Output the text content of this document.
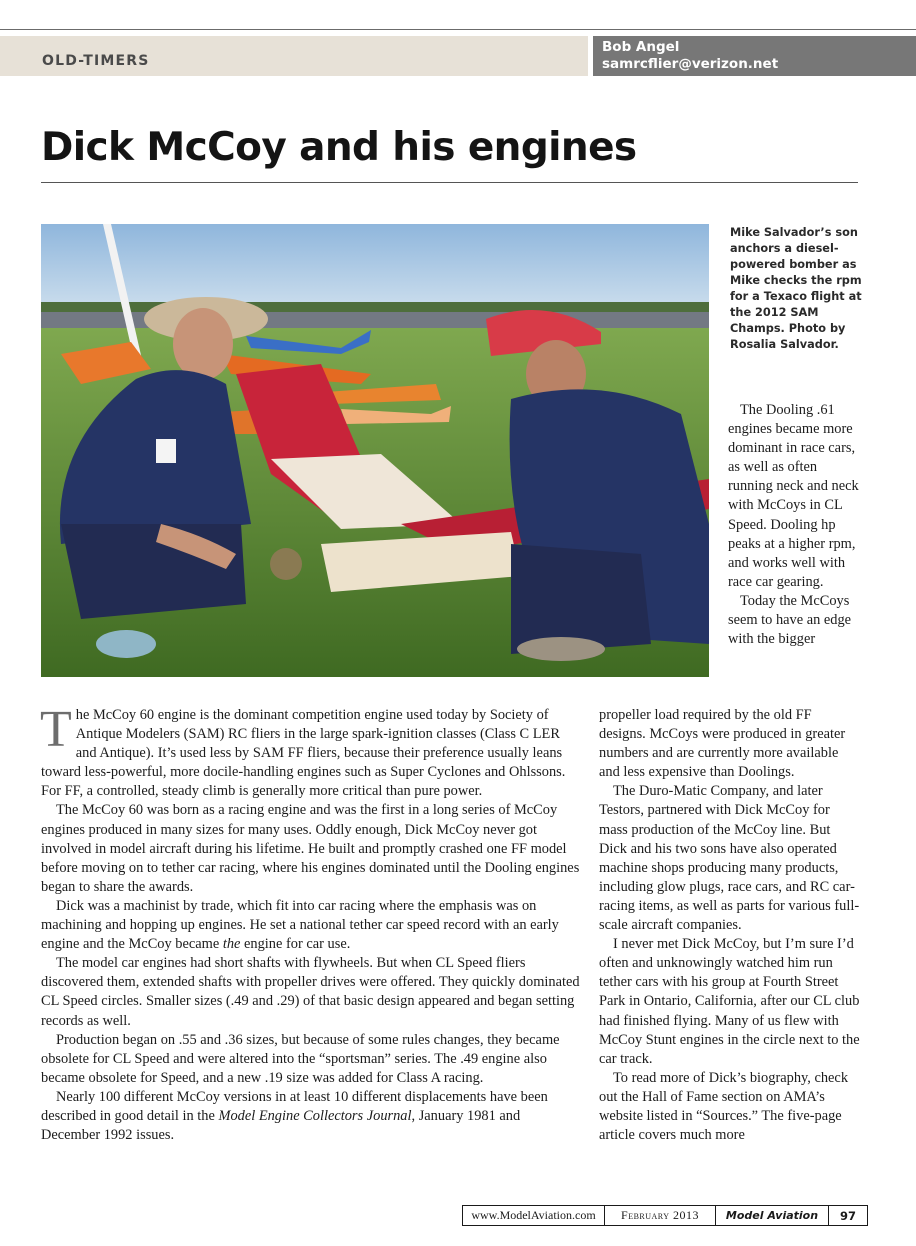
OLD-TIMERS
Bob Angel
samrcflier@verizon.net
Dick McCoy and his engines
Mike Salvador’s son anchors a diesel-powered bomber as Mike checks the rpm for a Texaco flight at the 2012 SAM Champs. Photo by Rosalia Salvador.

The McCoy 60 engine is the dominant competition engine used today by Society of Antique Modelers (SAM) RC fliers in the large spark-ignition classes (Class C LER and Antique). It’s used less by SAM FF fliers, because their preference usually leans toward less-powerful, more docile-handling engines such as Super Cyclones and Ohlssons. For FF, a controlled, steady climb is generally more critical than pure power.

The McCoy 60 was born as a racing engine and was the first in a long series of McCoy engines produced in many sizes for many uses. Oddly enough, Dick McCoy never got involved in model aircraft during his lifetime. He built and promptly crashed one FF model before moving on to tether car racing, where his engines dominated until the Dooling engines began to share the awards.

Dick was a machinist by trade, which fit into car racing where the emphasis was on machining and hopping up engines. He set a national tether car speed record with an early engine and the McCoy became the engine for car use.

The model car engines had short shafts with flywheels. But when CL Speed fliers discovered them, extended shafts with propeller drives were offered. They quickly dominated CL Speed circles. Smaller sizes (.49 and .29) of that basic design appeared and began setting records as well.

Production began on .55 and .36 sizes, but because of some rules changes, they became obsolete for CL Speed and were altered into the “sportsman” series. The .49 engine also became obsolete for Speed, and a new .19 size was added for Class A racing.

Nearly 100 different McCoy versions in at least 10 different displacements have been described in good detail in the Model Engine Collectors Journal, January 1981 and December 1992 issues.

The Dooling .61 engines became more dominant in race cars, as well as often running neck and neck with McCoys in CL Speed. Dooling hp peaks at a higher rpm, and works well with race car gearing.

Today the McCoys seem to have an edge with the bigger

propeller load required by the old FF designs. McCoys were produced in greater numbers and are currently more available and less expensive than Doolings.

The Duro-Matic Company, and later Testors, partnered with Dick McCoy for mass production of the McCoy line. But Dick and his two sons have also operated machine shops producing many products, including glow plugs, race cars, and RC car-racing items, as well as parts for various full-scale aircraft companies.

I never met Dick McCoy, but I’m sure I’d often and unknowingly watched him run tether cars with his group at Fourth Street Park in Ontario, California, after our CL club had finished flying. Many of us flew with McCoy Stunt engines in the circle next to the car track.

To read more of Dick’s biography, check out the Hall of Fame section on AMA’s website listed in “Sources.” The five-page article covers much more

www.ModelAviation.com	February 2013	Model Aviation	97
